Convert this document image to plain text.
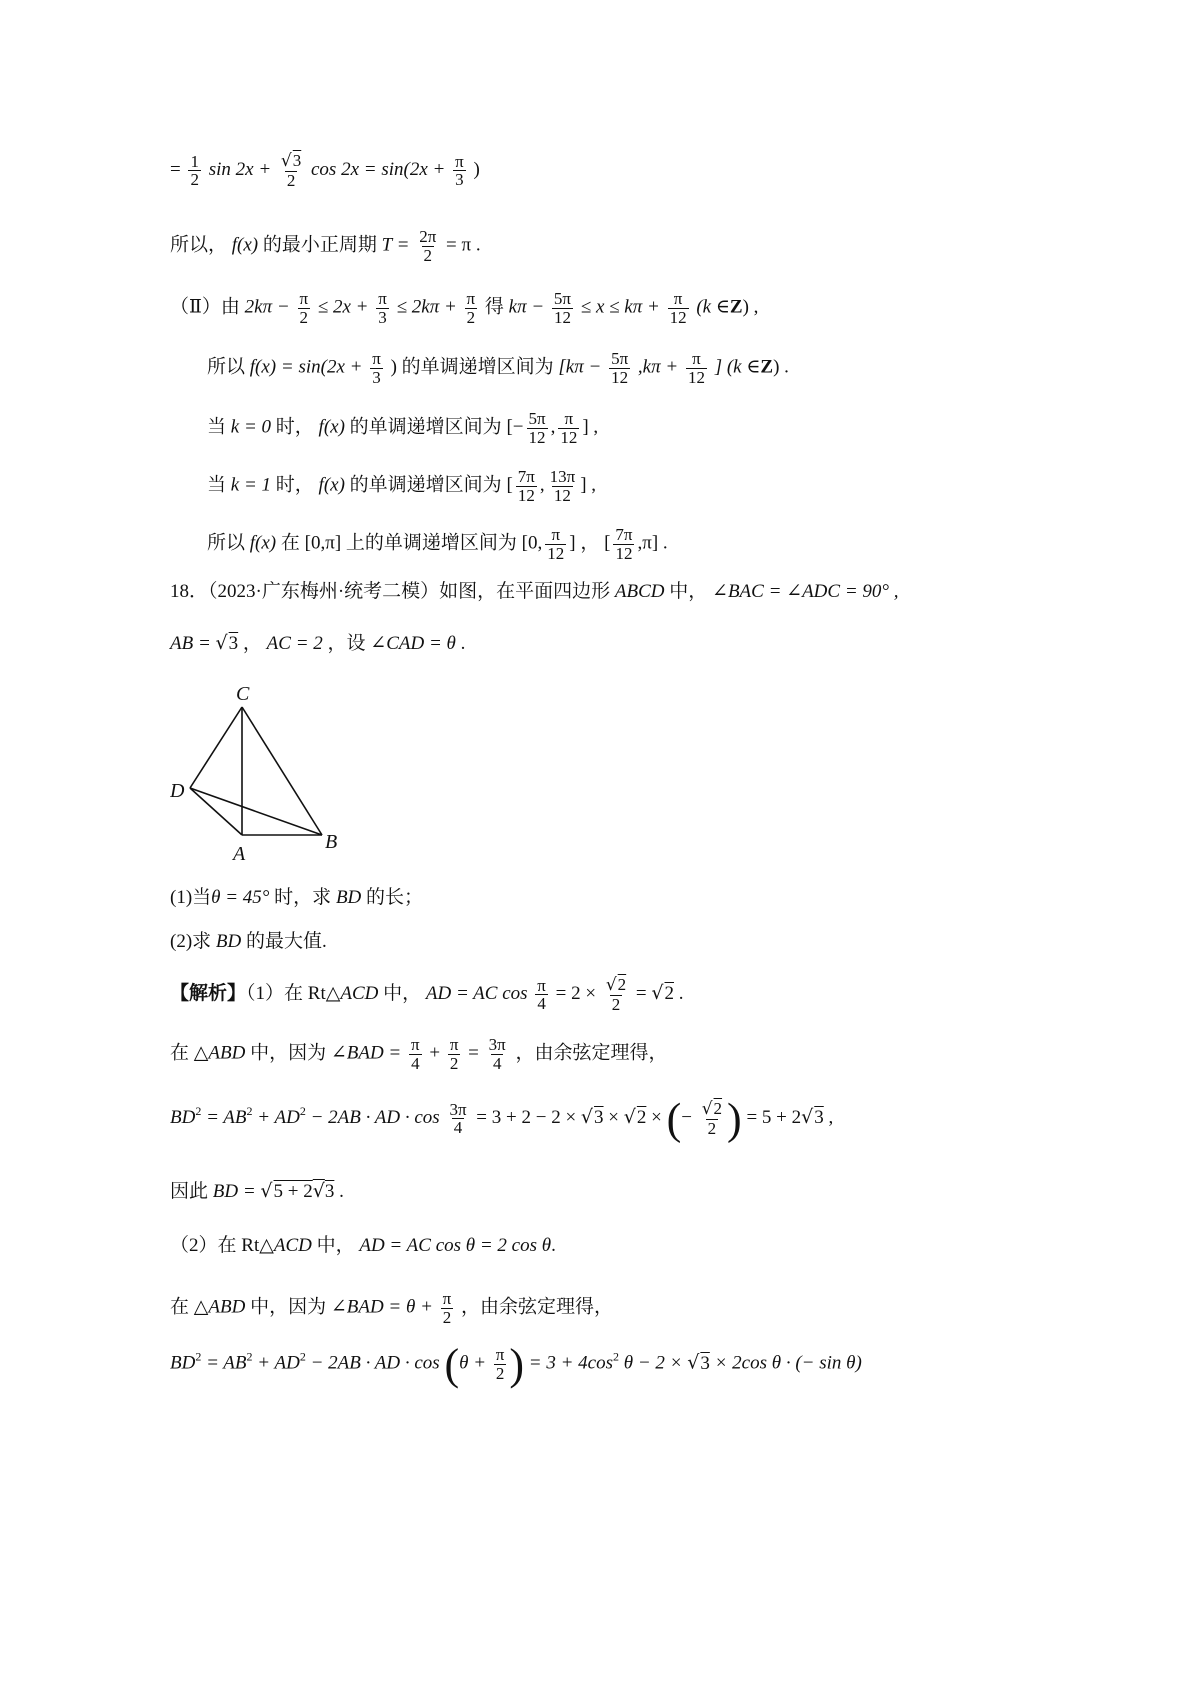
= $\frac{1}{2}$ $\sin 2x + \frac{√3}{2}$ $\cos 2x = \sin(2x + \frac{\pi}{3}$ )
所以， f(x) 的最小正周期 $T = \frac{2\pi}{2} = \pi$ .
（Ⅱ）由 $2k\pi - \frac{\pi}{2} \le 2x + \frac{\pi}{3} \le 2k\pi + \frac{\pi}{2}$ 得 $k\pi - \frac{5\pi}{12} \le x \le k\pi + \frac{\pi}{12} (k$ ∈Z) ,
所以 $f(x) = \sin(2x + \frac{\pi}{3}$ ) 的单调递增区间为 [$k\pi - \frac{5\pi}{12} ,k\pi + \frac{\pi}{12}$ ] (k ∈Z) .
当 k = 0 时， f(x) 的单调递增区间为 [− $\frac{5\pi}{12}$ , $\frac{\pi}{12}$ ] ,
当 k = 1 时， f(x) 的单调递增区间为 [ $\frac{7\pi}{12}$ , $\frac{13\pi}{12}$ ] ,
所以 f(x) 在 [0,π] 上的单调递增区间为 [0, $\frac{\pi}{12}$ ] ， [ $\frac{7\pi}{12} ,\pi$] .
18．（2023·广东梅州·统考二模）如图，在平面四边形 ABCD 中， ∠BAC = ∠ADC = 90° ,
AB = √3 ， AC = 2 ，设 ∠CAD = θ .
C
D
A
B
(1)当θ = 45° 时，求 BD 的长；
(2)求 BD 的最大值.
【解析】（1）在 Rt△ACD 中， AD = AC $\cos \frac{\pi}{4} = 2 \times \frac{√2}{2} = √2$ .
在 △ABD 中，因为 ∠BAD = $\frac{\pi}{4} + \frac{\pi}{2} = \frac{3\pi}{4}$ ，由余弦定理得，
$BD^2 = AB^2 + AD^2 - 2AB$ · AD · $\cos \frac{3\pi}{4} = 3 + 2 - 2 \times √3 \times √2$ × (− $\frac{√2}{2}$ ) = 5 + 2√3 ,
因此 BD = √5 + 2√3 .
（2）在 Rt△ACD 中， AD = AC cos θ = 2 cos θ.
在 △ABD 中，因为 ∠BAD = $\theta + \frac{\pi}{2}$ ，由余弦定理得，
$BD^2 = AB^2 + AD^2 - 2AB$ · AD · $\cos (\theta + \frac{\pi}{2}$ ) = $3 + 4\cos^2$ θ − 2 × √3 × 2cos θ · (− sin θ)
